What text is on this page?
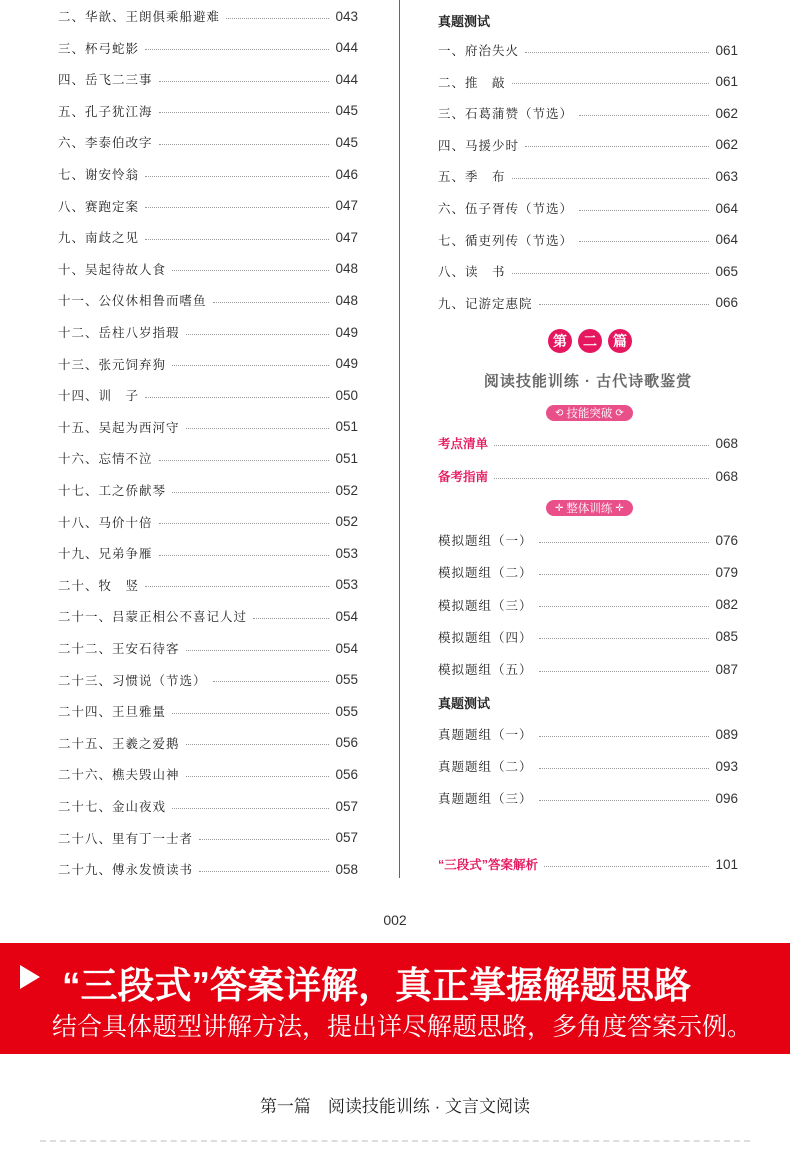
二、华歆、王朗俱乘船避难	043
三、杯弓蛇影	044
四、岳飞二三事	044
五、孔子犹江海	045
六、李泰伯改字	045
七、谢安怜翁	046
八、赛跑定案	047
九、南歧之见	047
十、吴起待故人食	048
十一、公仪休相鲁而嗜鱼	048
十二、岳柱八岁指瑕	049
十三、张元饲弃狗	049
十四、训　子	050
十五、吴起为西河守	051
十六、忘情不泣	051
十七、工之侨献琴	052
十八、马价十倍	052
十九、兄弟争雁	053
二十、牧　竖	053
二十一、吕蒙正相公不喜记人过	054
二十二、王安石待客	054
二十三、习惯说（节选）	055
二十四、王旦雅量	055
二十五、王羲之爱鹅	056
二十六、樵夫毁山神	056
二十七、金山夜戏	057
二十八、里有丁一士者	057
二十九、傅永发愤读书	058
真题测试
一、府治失火	061
二、推　敲	061
三、石葛蒲赞（节选）	062
四、马援少时	062
五、季　布	063
六、伍子胥传（节选）	064
七、循吏列传（节选）	064
八、读　书	065
九、记游定惠院	066
第	二	篇
阅读技能训练 · 古代诗歌鉴赏
⟲ 技能突破 ⟳
考点清单	068
备考指南	068
✛ 整体训练 ✛
模拟题组（一）	076
模拟题组（二）	079
模拟题组（三）	082
模拟题组（四）	085
模拟题组（五）	087
真题测试
真题题组（一）	089
真题题组（二）	093
真题题组（三）	096
“三段式”答案解析	101
002
“三段式”答案详解，真正掌握解题思路
结合具体题型讲解方法，提出详尽解题思路，多角度答案示例。
第一篇　阅读技能训练 · 文言文阅读
